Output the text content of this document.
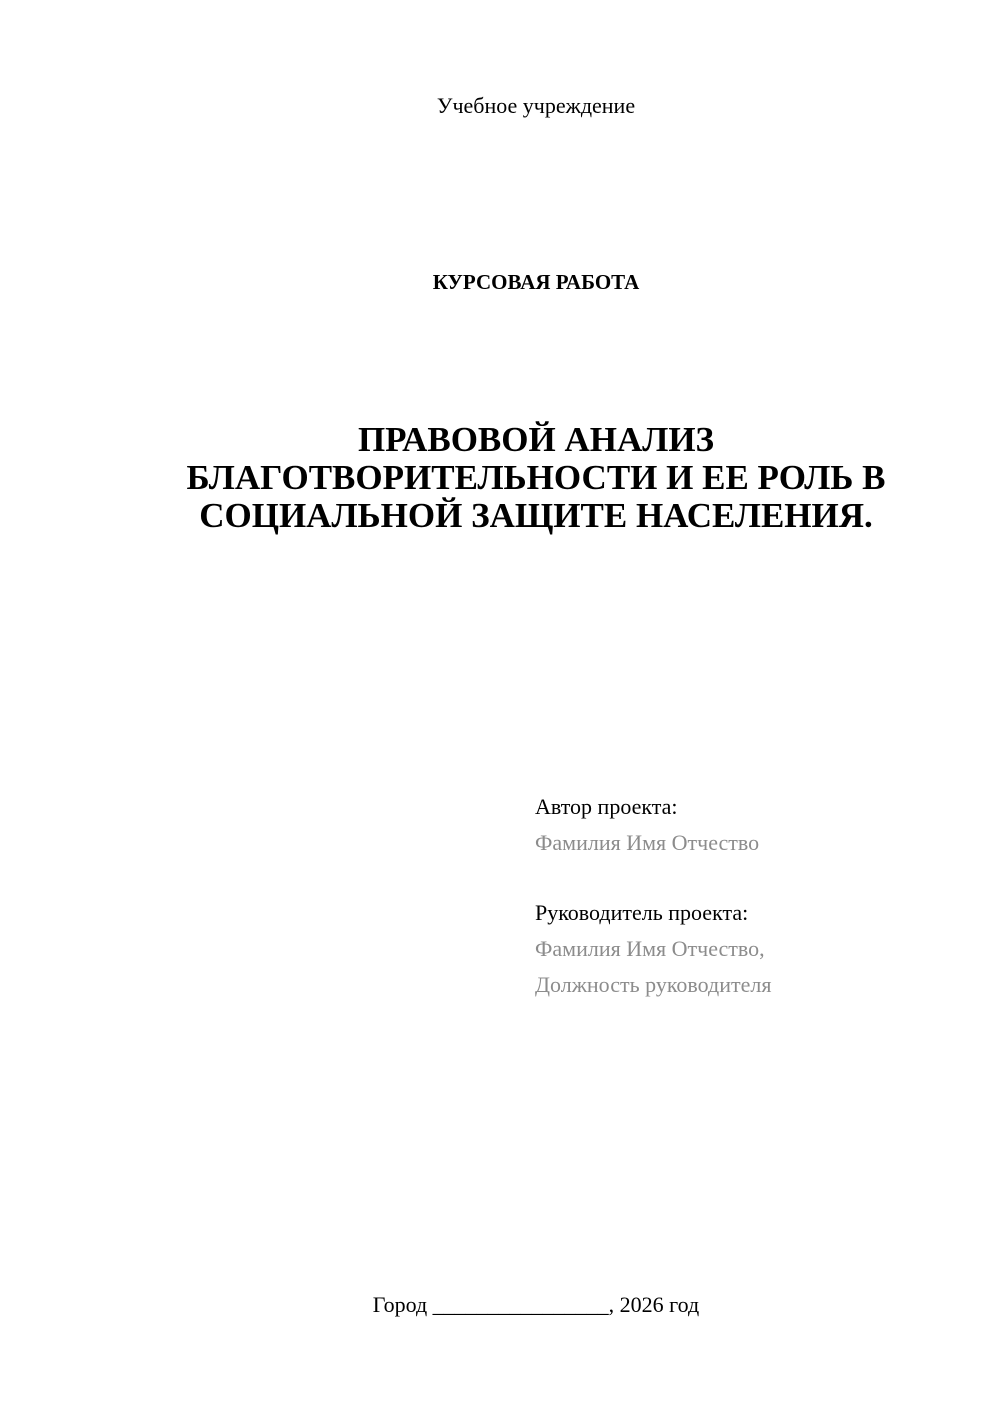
Учебное учреждение
КУРСОВАЯ РАБОТА
ПРАВОВОЙ АНАЛИЗ
БЛАГОТВОРИТЕЛЬНОСТИ И ЕЕ РОЛЬ В
СОЦИАЛЬНОЙ ЗАЩИТЕ НАСЕЛЕНИЯ.
Автор проекта:
Фамилия Имя Отчество
Руководитель проекта:
Фамилия Имя Отчество,
Должность руководителя
Город ________________, 2026 год
